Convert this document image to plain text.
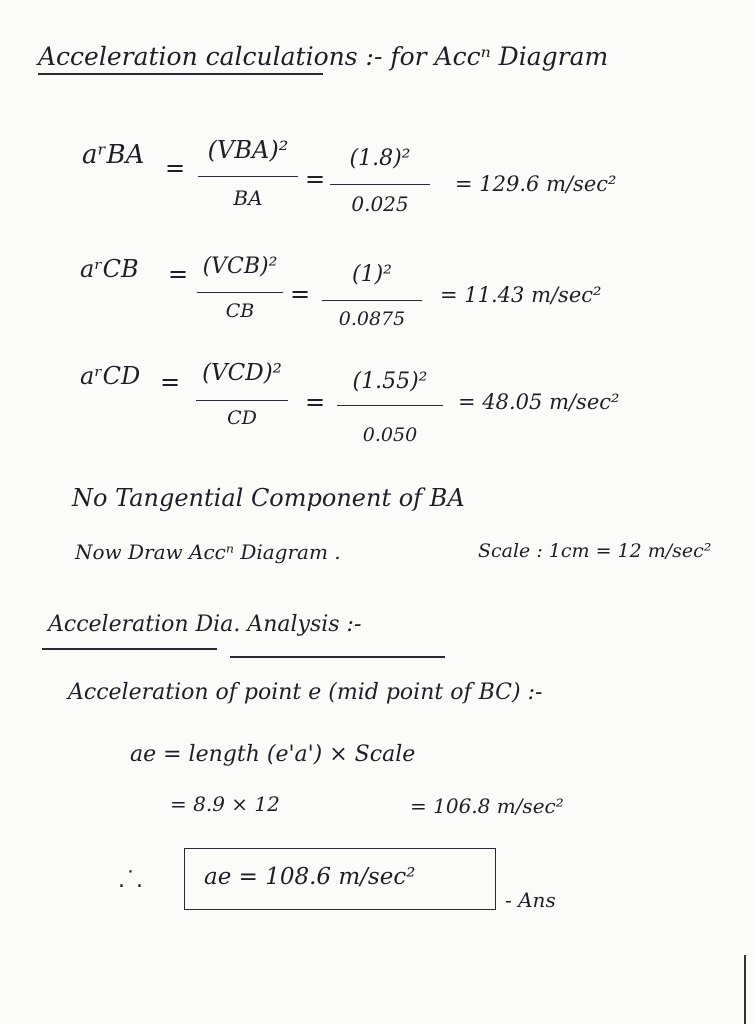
Acceleration calculations :- for Accⁿ Diagram
aʳBA =
(VBA)²
BA
=
(1.8)²
0.025
= 129.6 m/sec²
aʳCB = (VCB)²
CB
=
(1)²
0.0875
= 11.43 m/sec²
aʳCD = (VCD)²
CD
=
(1.55)²
0.050
= 48.05 m/sec²
No Tangential Component of BA
Now Draw Accⁿ Diagram .	Scale : 1cm = 12 m/sec²
Acceleration Dia. Analysis :-
Acceleration of point e (mid point of BC) :-
ae = length (e'a') × Scale
= 8.9 × 12	= 106.8 m/sec²
.˙.	ae = 108.6 m/sec²
- Ans
